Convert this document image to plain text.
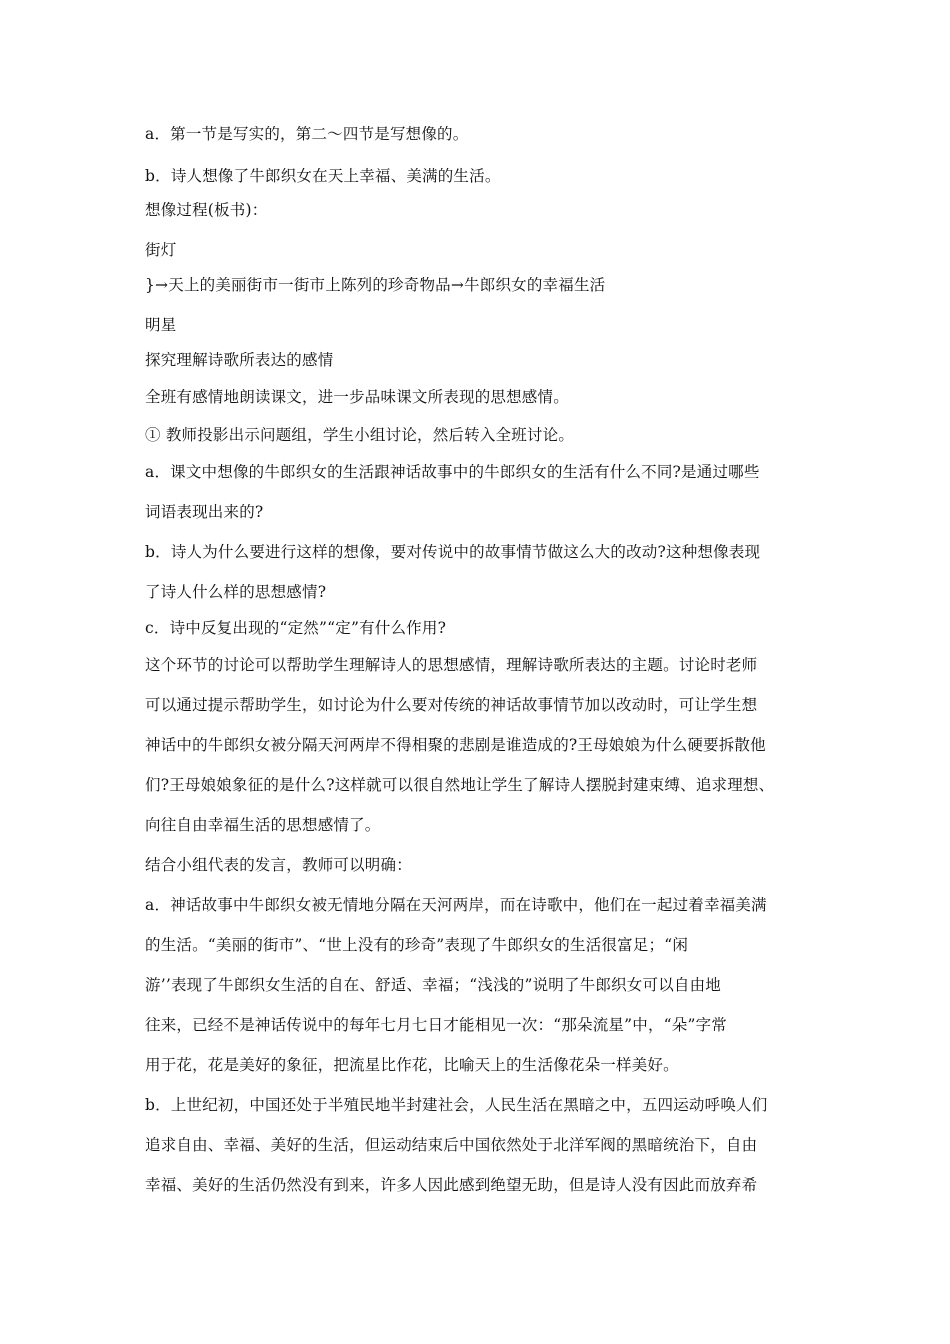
a．第一节是写实的，第二～四节是写想像的。
b．诗人想像了牛郎织女在天上幸福、美满的生活。
想像过程(板书)：
街灯
}→天上的美丽街市一街市上陈列的珍奇物品→牛郎织女的幸福生活
明星
探究理解诗歌所表达的感情
全班有感情地朗读课文，进一步品味课文所表现的思想感情。
① 教师投影出示问题组，学生小组讨论，然后转入全班讨论。
a．课文中想像的牛郎织女的生活跟神话故事中的牛郎织女的生活有什么不同?是通过哪些
词语表现出来的?
b．诗人为什么要进行这样的想像，要对传说中的故事情节做这么大的改动?这种想像表现
了诗人什么样的思想感情?
c．诗中反复出现的“定然”“定”有什么作用?
这个环节的讨论可以帮助学生理解诗人的思想感情，理解诗歌所表达的主题。讨论时老师
可以通过提示帮助学生，如讨论为什么要对传统的神话故事情节加以改动时，可让学生想
神话中的牛郎织女被分隔天河两岸不得相聚的悲剧是谁造成的?王母娘娘为什么硬要拆散他
们?王母娘娘象征的是什么?这样就可以很自然地让学生了解诗人摆脱封建束缚、追求理想、
向往自由幸福生活的思想感情了。
结合小组代表的发言，教师可以明确：
a．神话故事中牛郎织女被无情地分隔在天河两岸，而在诗歌中，他们在一起过着幸福美满
的生活。“美丽的街市”、“世上没有的珍奇”表现了牛郎织女的生活很富足；“闲
游’’表现了牛郎织女生活的自在、舒适、幸福；“浅浅的”说明了牛郎织女可以自由地
往来，已经不是神话传说中的每年七月七日才能相见一次：“那朵流星”中，“朵”字常
用于花，花是美好的象征，把流星比作花，比喻天上的生活像花朵一样美好。
b．上世纪初，中国还处于半殖民地半封建社会，人民生活在黑暗之中，五四运动呼唤人们
追求自由、幸福、美好的生活，但运动结束后中国依然处于北洋军阀的黑暗统治下，自由
幸福、美好的生活仍然没有到来，许多人因此感到绝望无助，但是诗人没有因此而放弃希
